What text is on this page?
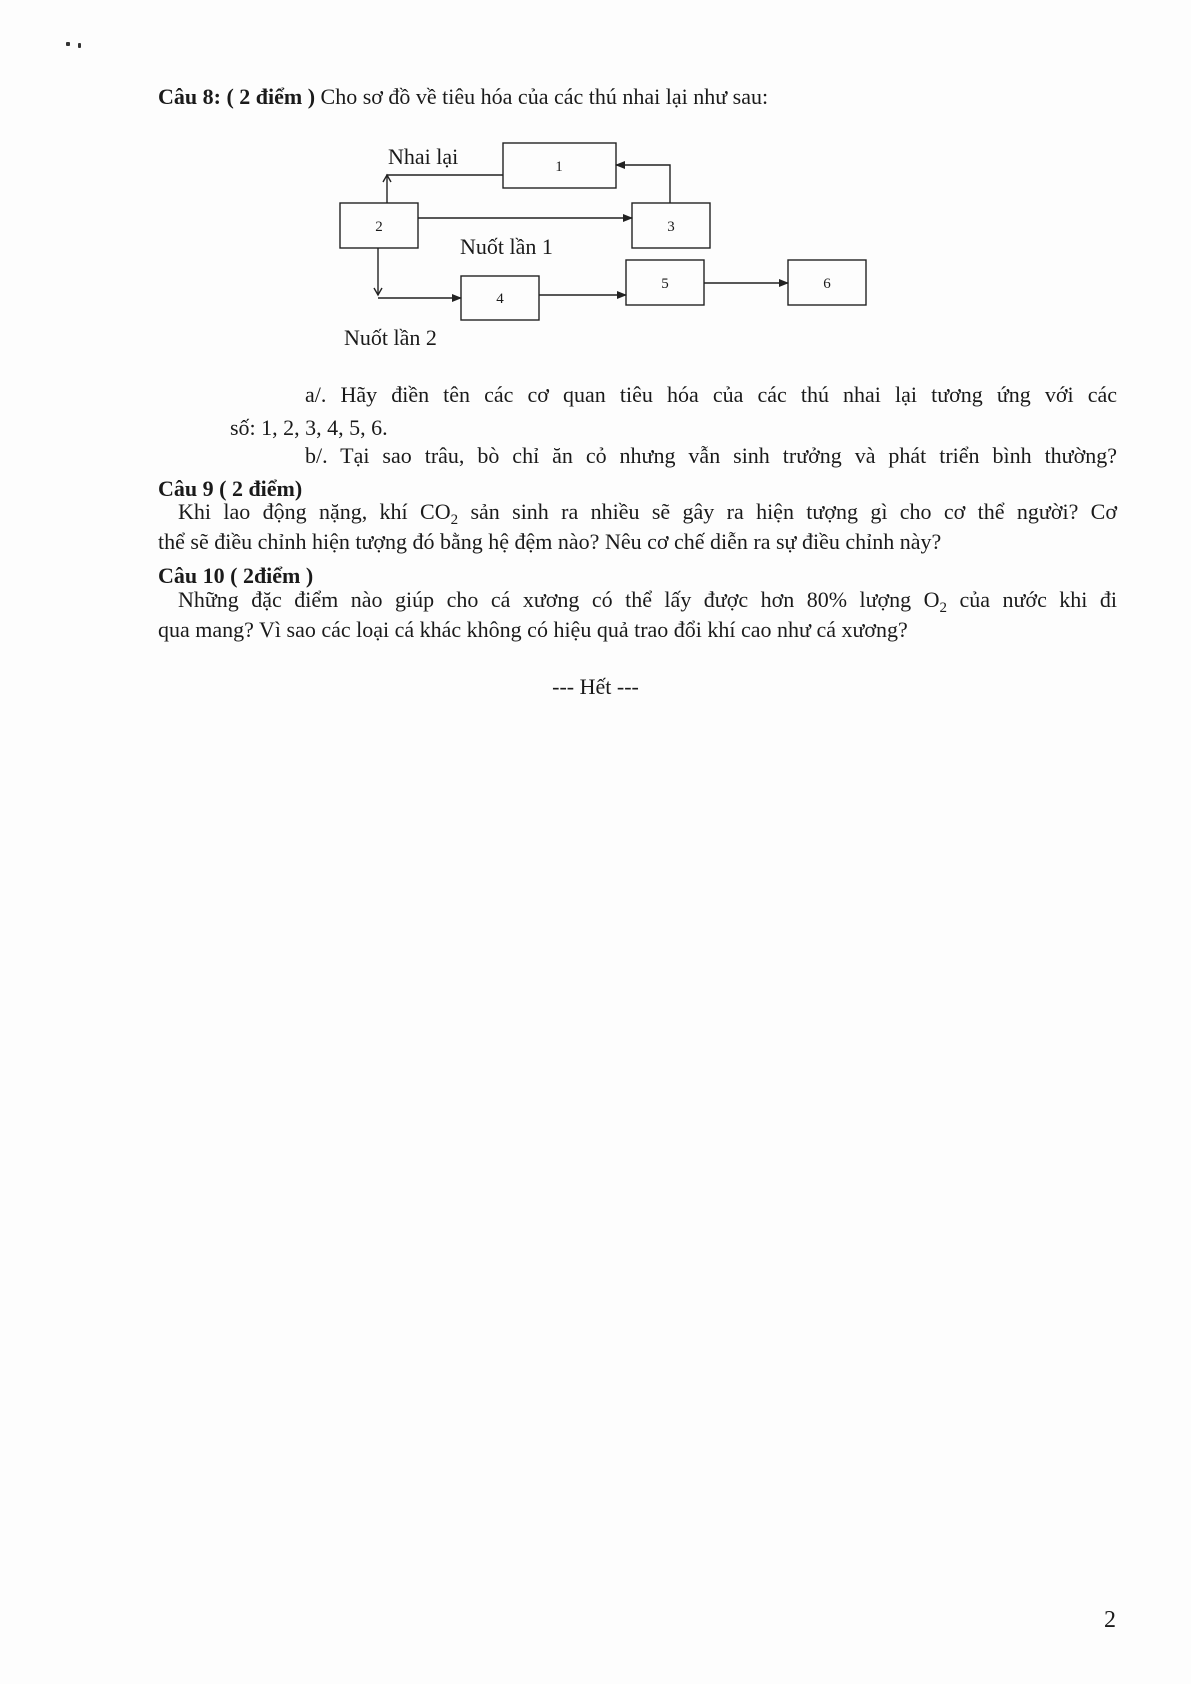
Câu 8: ( 2 điểm ) Cho sơ đồ về tiêu hóa của các thú nhai lại như sau:
1
2	3
4
5	6
Nhai lại
Nuốt lần 1
Nuốt lần 2
a/. Hãy điền tên các cơ quan tiêu hóa của các thú nhai lại tương ứng với các
số: 1, 2, 3, 4, 5, 6.
b/. Tại sao trâu, bò chỉ ăn cỏ nhưng vẫn sinh trưởng và phát triển bình thường?
Câu 9 ( 2 điểm)
Khi lao động nặng, khí $CO_2$ sản sinh ra nhiều sẽ gây ra hiện tượng gì cho cơ thể người? Cơ
thể sẽ điều chỉnh hiện tượng đó bằng hệ đệm nào? Nêu cơ chế diễn ra sự điều chỉnh này?
Câu 10 ( 2điểm )
Những đặc điểm nào giúp cho cá xương có thể lấy được hơn 80% lượng $O_2$ của nước khi đi
qua mang? Vì sao các loại cá khác không có hiệu quả trao đổi khí cao như cá xương?
--- Hết ---
2
